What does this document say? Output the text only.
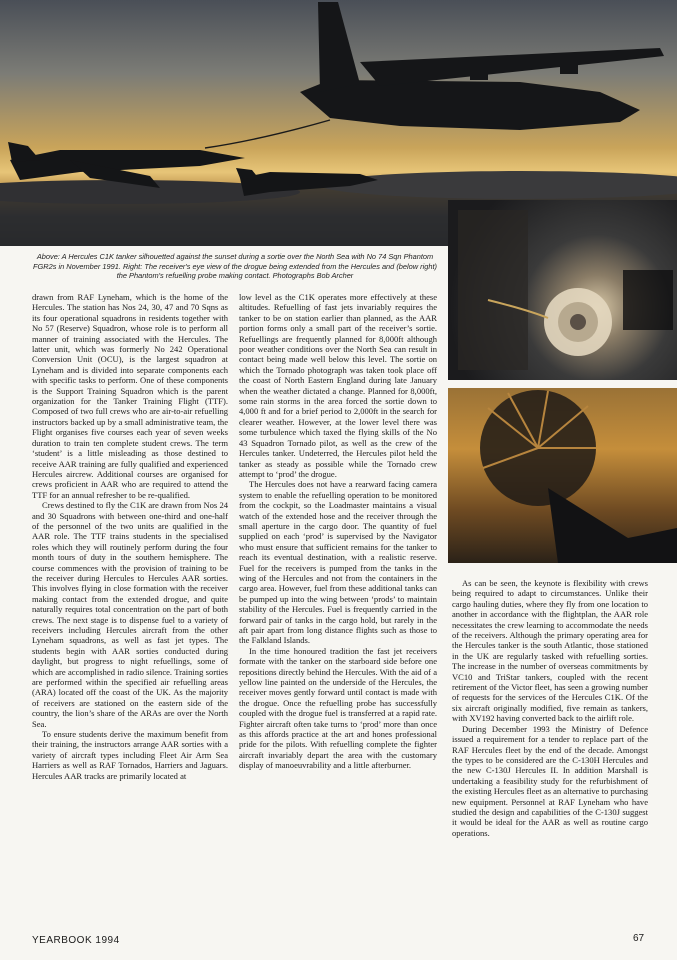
Above: A Hercules C1K tanker silhouetted against the sunset during a sortie over the North Sea with No 74 Sqn Phantom FGR2s in November 1991. Right: The receiver's eye view of the drogue being extended from the Hercules and (below right) the Phantom's refuelling probe making contact. Photographs Bob Archer

drawn from RAF Lyneham, which is the home of the Hercules. The station has Nos 24, 30, 47 and 70 Sqns as its four operational squadrons in residents together with No 57 (Reserve) Squadron, whose role is to perform all manner of training associated with the Hercules. The latter unit, which was formerly No 242 Operational Conversion Unit (OCU), is the largest squadron at Lyneham and is divided into separate components each with specific tasks to perform. One of these components is the Support Training Squadron which is the parent organization for the Tanker Training Flight (TTF). Composed of two full crews who are air-to-air refuelling instructors backed up by a small administrative team, the Flight organises five courses each year of seven weeks duration to train ten complete student crews. The term ‘student’ is a little misleading as those destined to receive AAR training are fully qualified and experienced Hercules aircrew. Additional courses are organised for crews proficient in AAR who are required to attend the TTF for an annual refresher to be re-qualified.

Crews destined to fly the C1K are drawn from Nos 24 and 30 Squadrons with between one-third and one-half of the personnel of the two units are qualified in the AAR role. The TTF trains students in the specialised roles which they will routinely perform during the four month tours of duty in the southern hemisphere. The course commences with the provision of training to be the receiver during Hercules to Hercules AAR sorties. This involves flying in close formation with the receiver making contact from the extended drogue, and quite naturally requires total concentration on the part of both crews. The next stage is to dispense fuel to a variety of receivers including Hercules aircraft from the other Lyneham squadrons, as well as fast jet types. The students begin with AAR sorties conducted during daylight, but progress to night refuellings, some of which are accomplished in radio silence. Training sorties are performed within the specified air refuelling areas (ARA) located off the coast of the UK. As the majority of receivers are stationed on the eastern side of the country, the lion’s share of the ARAs are over the North Sea.

To ensure students derive the maximum benefit from their training, the instructors arrange AAR sorties with a variety of aircraft types including Fleet Air Arm Sea Harriers as well as RAF Tornados, Harriers and Jaguars. Hercules AAR tracks are primarily located at

low level as the C1K operates more effectively at these altitudes. Refuelling of fast jets invariably requires the tanker to be on station earlier than planned, as the AAR portion forms only a small part of the receiver’s sortie. Refuellings are frequently planned for 8,000ft although poor weather conditions over the North Sea can result in contact being made well below this level. The sortie on which the Tornado photograph was taken took place off the coast of North Eastern England during late January when the weather dictated a change. Planned for 8,000ft, some rain storms in the area forced the sortie down to 4,000 ft and for a brief period to 2,000ft in the search for clearer weather. However, at the lower level there was some turbulence which taxed the flying skills of the No 43 Squadron Tornado pilot, as well as the crew of the Hercules tanker. Undeterred, the Hercules pilot held the tanker as steady as possible while the Tornado crew attempt to ‘prod’ the drogue.

The Hercules does not have a rearward facing camera system to enable the refuelling operation to be monitored from the cockpit, so the Loadmaster maintains a visual watch of the extended hose and the receiver through the small aperture in the cargo door. The quantity of fuel supplied on each ‘prod’ is supervised by the Navigator who must ensure that sufficient remains for the tanker to reach its eventual destination, with a realistic reserve. Fuel for the receivers is pumped from the tanks in the wing of the Hercules and not from the containers in the cargo area. However, fuel from these additional tanks can be pumped up into the wing between ‘prods’ to maintain stability of the Hercules. Fuel is frequently carried in the forward pair of tanks in the cargo hold, but rarely in the aft pair apart from long distance flights such as those to the Falkland Islands.

In the time honoured tradition the fast jet receivers formate with the tanker on the starboard side before one repositions directly behind the Hercules. With the aid of a yellow line painted on the underside of the Hercules, the receiver moves gently forward until contact is made with the drogue. Once the refuelling probe has successfully coupled with the drogue fuel is transferred at a rapid rate. Fighter aircraft often take turns to ‘prod’ more than once as this affords practice at the art and hones professional pride for the pilots. With refuelling complete the fighter aircraft invariably depart the area with the customary display of manoeuvrability and a little afterburner.

As can be seen, the keynote is flexibility with crews being required to adapt to circumstances. Unlike their cargo hauling duties, where they fly from one location to another in accordance with the flightplan, the AAR role necessitates the crew learning to accommodate the needs of the receivers. Although the primary operating area for the Hercules tanker is the south Atlantic, those stationed in the UK are regularly tasked with refuelling sorties. The increase in the number of overseas commitments by VC10 and TriStar tankers, coupled with the recent retirement of the Victor fleet, has seen a growing number of requests for the services of the Hercules C1K. Of the six aircraft originally modified, five remain as tankers, with XV192 having converted back to the airlift role.

During December 1993 the Ministry of Defence issued a requirement for a tender to replace part of the RAF Hercules fleet by the end of the decade. Amongst the types to be considered are the C-130H Hercules and the new C-130J Hercules II. In addition Marshall is undertaking a feasibility study for the refurbishment of the existing Hercules fleet as an alternative to purchasing new equipment. Personnel at RAF Lyneham who have studied the design and capabilities of the C-130J suggest it would be ideal for the AAR as well as routine cargo operations.

YEARBOOK 1994	67
